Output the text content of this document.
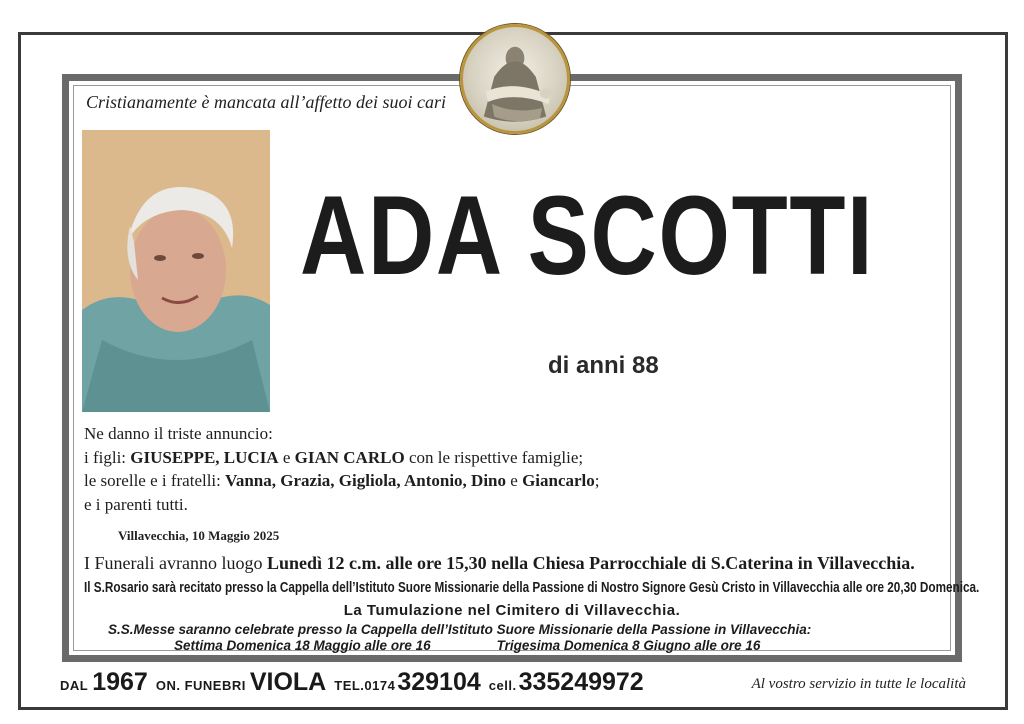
Cristianamente è mancata all’affetto dei suoi cari
ADA SCOTTI
di anni 88
Ne danno il triste annuncio:
i figli: GIUSEPPE, LUCIA e GIAN CARLO con le rispettive famiglie;
le sorelle e i fratelli: Vanna, Grazia, Gigliola, Antonio, Dino e Giancarlo;
e i parenti tutti.
Villavecchia, 10 Maggio 2025
I Funerali avranno luogo Lunedì 12 c.m. alle ore 15,30 nella Chiesa Parrocchiale di S.Caterina in Villavecchia.
Il S.Rosario sarà recitato presso la Cappella dell’Istituto Suore Missionarie della Passione di Nostro Signore Gesù Cristo in Villavecchia alle ore 20,30 Domenica.
La Tumulazione nel Cimitero di Villavecchia.
S.S.Messe saranno celebrate presso la Cappella dell’Istituto Suore Missionarie della Passione in Villavecchia:
Settima Domenica 18 Maggio alle ore 16	Trigesima Domenica 8 Giugno alle ore 16
DAL 1967 ON. FUNEBRI VIOLA TEL.0174 329104 cell. 335249972	Al vostro servizio in tutte le località
